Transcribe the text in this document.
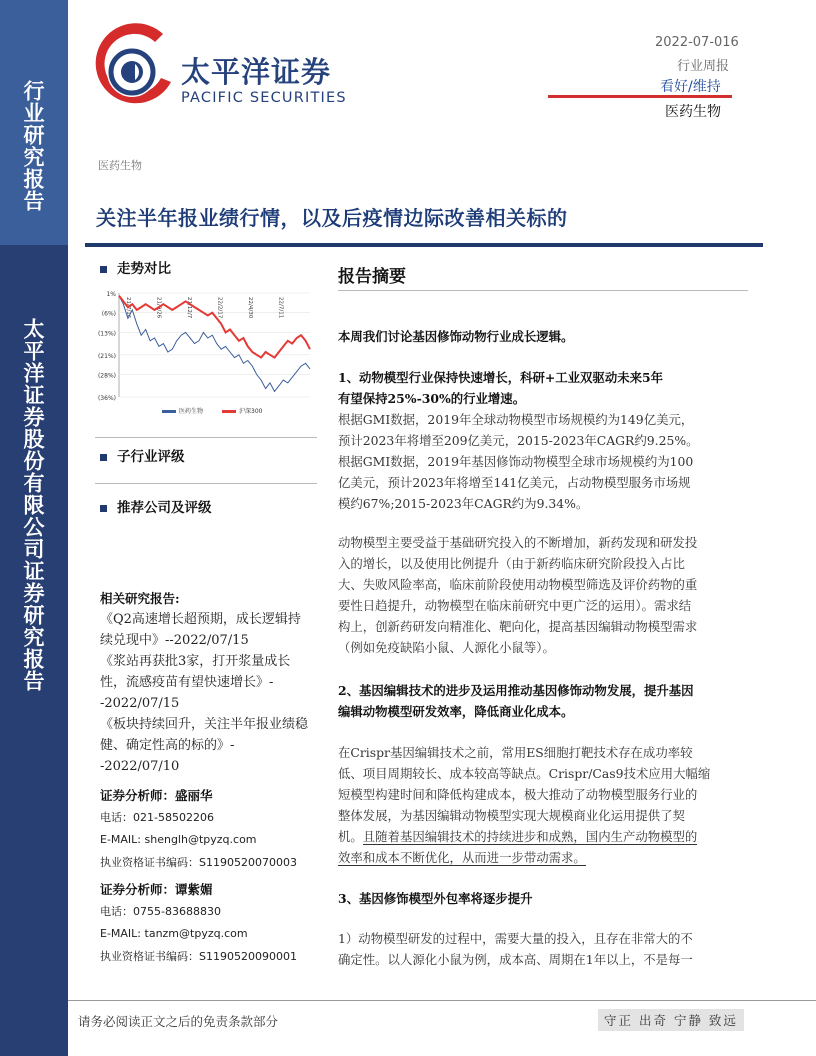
行业研究报告
太平洋证券股份有限公司证券研究报告
太平洋证券
PACIFIC SECURITIES
2022-07-016
行业周报
看好/维持
医药生物
医药生物
关注半年报业绩行情，以及后疫情边际改善相关标的
走势对比
1%
(6%)
(13%)
(21%)
(28%)
(36%)
21/7/16	21/9/26	21/12/7	22/2/17	22/4/30	22/7/11
医药生物	沪深300
子行业评级
推荐公司及评级
相关研究报告:
《Q2高速增长超预期，成长逻辑持续兑现中》--2022/07/15
《浆站再获批3家，打开浆量成长性，流感疫苗有望快速增长》--2022/07/15
《板块持续回升，关注半年报业绩稳健、确定性高的标的》--2022/07/10
证券分析师：盛丽华
电话：021-58502206
E-MAIL: shenglh@tpyzq.com
执业资格证书编码：S1190520070003
证券分析师：谭紫媚
电话：0755-83688830
E-MAIL: tanzm@tpyzq.com
执业资格证书编码：S1190520090001
报告摘要
本周我们讨论基因修饰动物行业成长逻辑。
1、动物模型行业保持快速增长，科研+工业双驱动未来5年
有望保持25%-30%的行业增速。
根据GMI数据，2019年全球动物模型市场规模约为149亿美元，
预计2023年将增至209亿美元，2015-2023年CAGR约9.25%。
根据GMI数据，2019年基因修饰动物模型全球市场规模约为100
亿美元，预计2023年将增至141亿美元，占动物模型服务市场规
模约67%;2015-2023年CAGR约为9.34%。
动物模型主要受益于基础研究投入的不断增加，新药发现和研发投
入的增长，以及使用比例提升（由于新药临床研究阶段投入占比
大、失败风险率高，临床前阶段使用动物模型筛选及评价药物的重
要性日趋提升，动物模型在临床前研究中更广泛的运用）。需求结
构上，创新药研发向精准化、靶向化，提高基因编辑动物模型需求
（例如免疫缺陷小鼠、人源化小鼠等）。
2、基因编辑技术的进步及运用推动基因修饰动物发展，提升基因
编辑动物模型研发效率，降低商业化成本。
在Crispr基因编辑技术之前，常用ES细胞打靶技术存在成功率较
低、项目周期较长、成本较高等缺点。Crispr/Cas9技术应用大幅缩
短模型构建时间和降低构建成本，极大推动了动物模型服务行业的
整体发展，为基因编辑动物模型实现大规模商业化运用提供了契
机。且随着基因编辑技术的持续进步和成熟，国内生产动物模型的
效率和成本不断优化，从而进一步带动需求。
3、基因修饰模型外包率将逐步提升
1）动物模型研发的过程中，需要大量的投入，且存在非常大的不
确定性。以人源化小鼠为例，成本高、周期在1年以上，不是每一
请务必阅读正文之后的免责条款部分	守正 出奇 宁静 致远
